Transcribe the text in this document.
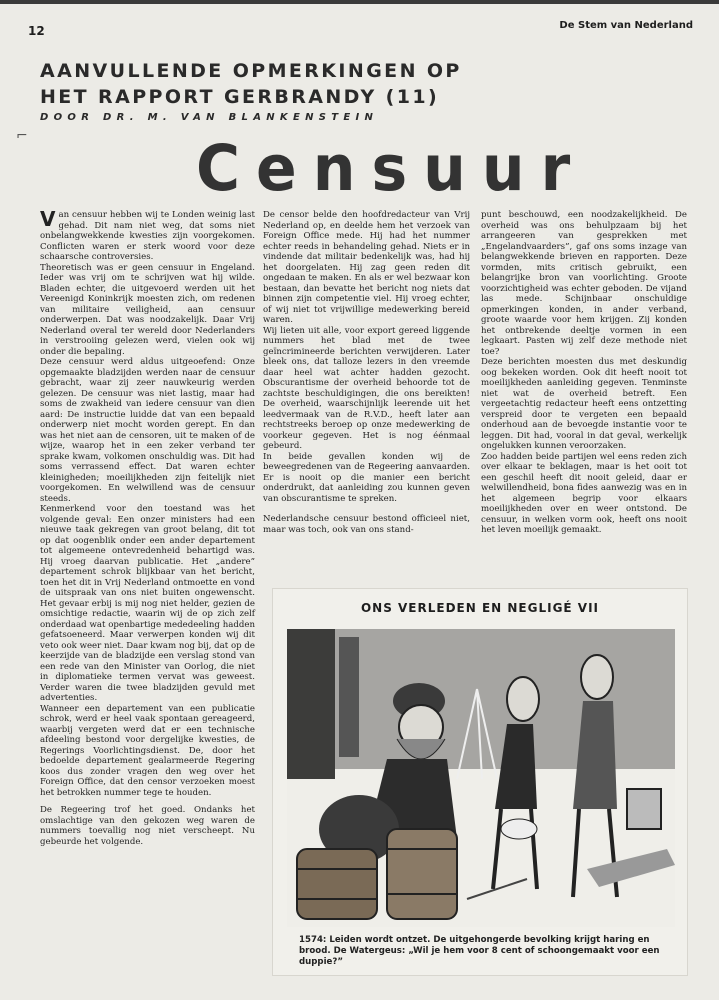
12	De Stem van Nederland
⌐
AANVULLENDE OPMERKINGEN OP
HET RAPPORT GERBRANDY (11)
DOOR DR. M. VAN BLANKENSTEIN
Censuur

Van censuur hebben wij te Londen weinig last gehad. Dit nam niet weg, dat soms niet onbelangwekkende kwesties zijn voorgekomen. Conflicten waren er sterk woord voor deze schaarsche controversies.

Theoretisch was er geen censuur in Engeland. Ieder was vrij om te schrijven wat hij wilde. Bladen echter, die uitgevoerd werden uit het Vereenigd Koninkrijk moesten zich, om redenen van militaire veiligheid, aan censuur onderwerpen. Dat was noodzakelijk. Daar Vrij Nederland overal ter wereld door Nederlanders in verstrooiing gelezen werd, vielen ook wij onder die bepaling.

Deze censuur werd aldus uitgeoefend: Onze opgemaakte bladzijden werden naar de censuur gebracht, waar zij zeer nauwkeurig werden gelezen. De censuur was niet lastig, maar had soms de zwakheid van iedere censuur van dien aard: De instructie luidde dat van een bepaald onderwerp niet mocht worden gerept. En dan was het niet aan de censoren, uit te maken of de wijze, waarop het in een zeker verband ter sprake kwam, volkomen onschuldig was. Dit had soms verrassend effect. Dat waren echter kleinigheden; moeilijkheden zijn feitelijk niet voorgekomen. En welwillend was de censuur steeds.

Kenmerkend voor den toestand was het volgende geval: Een onzer ministers had een nieuwe taak gekregen van groot belang, dit tot op dat oogenblik onder een ander departement tot algemeene ontevredenheid behartigd was. Hij vroeg daarvan publicatie. Het „andere” departement schrok blijkbaar van het bericht, toen het dit in Vrij Nederland ontmoette en vond de uitspraak van ons niet buiten ongewenscht. Het gevaar erbij is mij nog niet helder, gezien de omsichtige redactie, waarin wij de op zich zelf onderdaad wat openbartige mededeeling hadden gefatsoeneerd. Maar verwerpen konden wij dit veto ook weer niet. Daar kwam nog bij, dat op de keerzijde van de bladzijde een verslag stond van een rede van den Minister van Oorlog, die niet in diplomatieke termen vervat was geweest. Verder waren die twee bladzijden gevuld met advertenties.

Wanneer een departement van een publicatie schrok, werd er heel vaak spontaan gereageerd, waarbij vergeten werd dat er een technische afdeeling bestond voor dergelijke kwesties, de Regerings Voorlichtingsdienst. De, door het bedoelde departement gealarmeerde Regering koos dus zonder vragen den weg over het Foreign Office, dat den censor verzoeken moest het betrokken nummer tege te houden.

De Regeering trof het goed. Ondanks het omslachtige van den gekozen weg waren de nummers toevallig nog niet verscheept. Nu gebeurde het volgende.

De censor belde den hoofdredacteur van Vrij Nederland op, en deelde hem het verzoek van Foreign Office mede. Hij had het nummer echter reeds in behandeling gehad. Niets er in vindende dat militair bedenkelijk was, had hij het doorgelaten. Hij zag geen reden dit ongedaan te maken. En als er wel bezwaar kon bestaan, dan bevatte het bericht nog niets dat binnen zijn competentie viel. Hij vroeg echter, of wij niet tot vrijwillige medewerking bereid waren.

Wij lieten uit alle, voor export gereed liggende nummers het blad met de twee geïncrimineerde berichten verwijderen. Later bleek ons, dat talloze lezers in den vreemde daar heel wat achter hadden gezocht. Obscurantisme der overheid behoorde tot de zachtste beschuldigingen, die ons bereikten! De overheid, waarschijnlijk leerende uit het leedvermaak van de R.V.D., heeft later aan rechtstreeks beroep op onze medewerking de voorkeur gegeven. Het is nog éénmaal gebeurd.

In beide gevallen konden wij de beweegredenen van de Regeering aanvaarden. Er is nooit op die manier een bericht onderdrukt, dat aanleiding zou kunnen geven van obscurantisme te spreken.

Nederlandsche censuur bestond officieel niet, maar was toch, ook van ons stand-

punt beschouwd, een noodzakelijkheid. De overheid was ons behulpzaam bij het arrangeeren van gesprekken met „Engelandvaarders”, gaf ons soms inzage van belangwekkende brieven en rapporten. Deze vormden, mits critisch gebruikt, een belangrijke bron van voorlichting. Groote voorzichtigheid was echter geboden. De vijand las mede. Schijnbaar onschuldige opmerkingen konden, in ander verband, groote waarde voor hem krijgen. Zij konden het ontbrekende deeltje vormen in een legkaart. Pasten wij zelf deze methode niet toe?

Deze berichten moesten dus met deskundig oog bekeken worden. Ook dit heeft nooit tot moeilijkheden aanleiding gegeven. Tenminste niet wat de overheid betreft. Een vergeetachtig redacteur heeft eens ontzetting verspreid door te vergeten een bepaald onderhoud aan de bevoegde instantie voor te leggen. Dit had, vooral in dat geval, werkelijk ongelukken kunnen veroorzaken.

Zoo hadden beide partijen wel eens reden zich over elkaar te beklagen, maar is het ooit tot een geschil heeft dit nooit geleid, daar er welwillendheid, bona fides aanwezig was en in het algemeen begrip voor elkaars moeilijkheden over en weer ontstond. De censuur, in welken vorm ook, heeft ons nooit het leven moeilijk gemaakt.

ONS VERLEDEN EN NEGLIGÉ VII
1574: Leiden wordt ontzet. De uitgehongerde bevolking krijgt haring en brood. De Watergeus: „Wil je hem voor 8 cent of schoongemaakt voor een duppie?”
